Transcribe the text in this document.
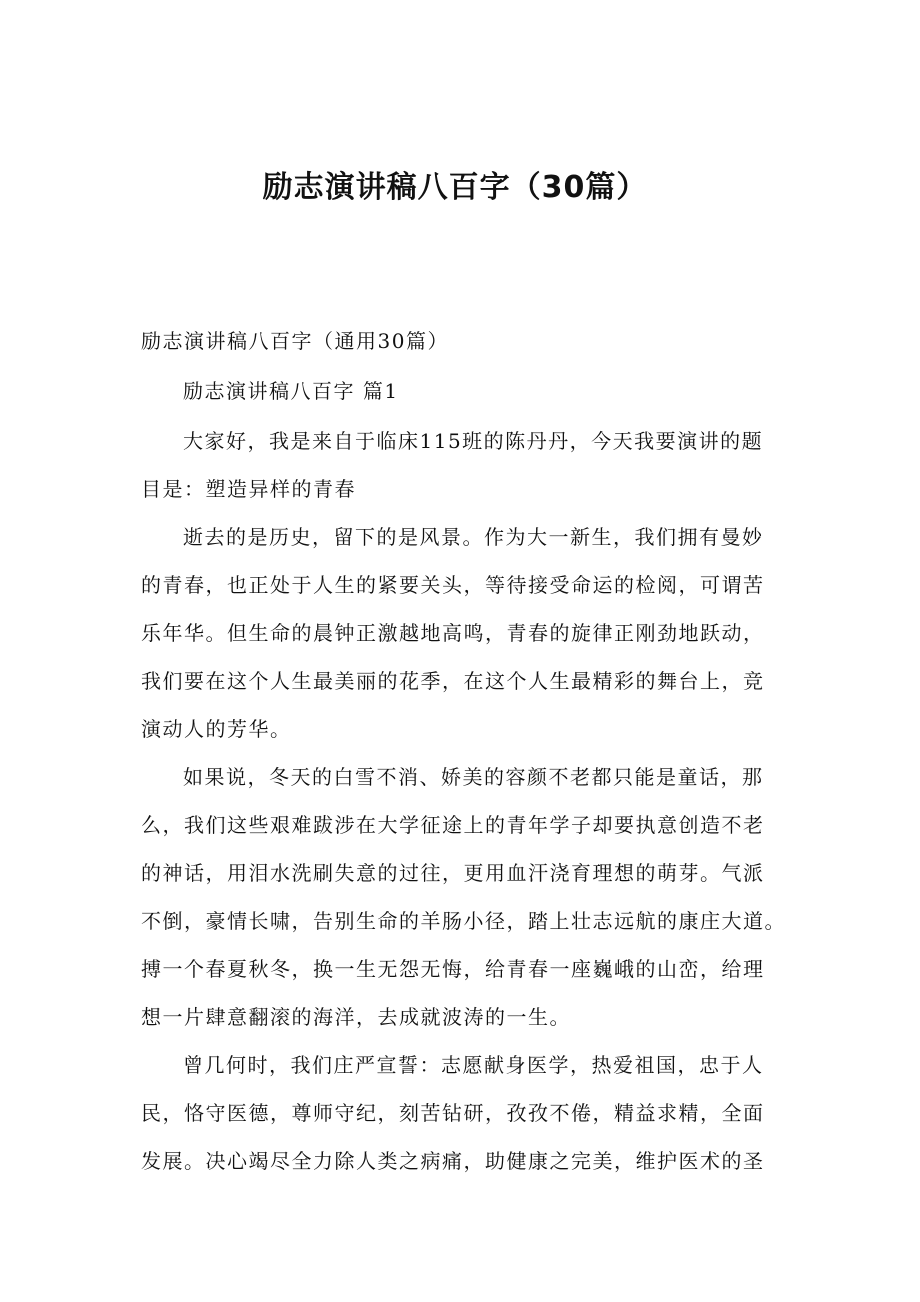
励志演讲稿八百字（30篇）
励志演讲稿八百字（通用30篇）
励志演讲稿八百字 篇1
大家好，我是来自于临床115班的陈丹丹，今天我要演讲的题
目是：塑造异样的青春
逝去的是历史，留下的是风景。作为大一新生，我们拥有曼妙
的青春，也正处于人生的紧要关头，等待接受命运的检阅，可谓苦
乐年华。但生命的晨钟正激越地高鸣，青春的旋律正刚劲地跃动，
我们要在这个人生最美丽的花季，在这个人生最精彩的舞台上，竞
演动人的芳华。
如果说，冬天的白雪不消、娇美的容颜不老都只能是童话，那
么，我们这些艰难跋涉在大学征途上的青年学子却要执意创造不老
的神话，用泪水洗刷失意的过往，更用血汗浇育理想的萌芽。气派
不倒，豪情长啸，告别生命的羊肠小径，踏上壮志远航的康庄大道。
搏一个春夏秋冬，换一生无怨无悔，给青春一座巍峨的山峦，给理
想一片肆意翻滚的海洋，去成就波涛的一生。
曾几何时，我们庄严宣誓：志愿献身医学，热爱祖国，忠于人
民，恪守医德，尊师守纪，刻苦钻研，孜孜不倦，精益求精，全面
发展。决心竭尽全力除人类之病痛，助健康之完美，维护医术的圣
